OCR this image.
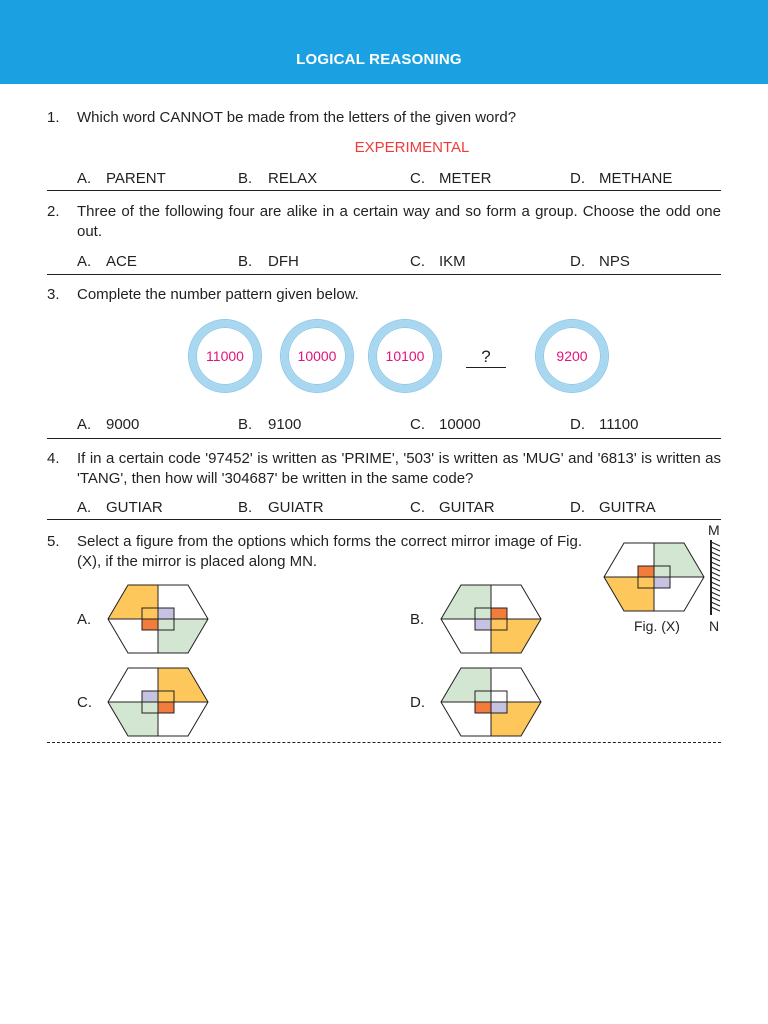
LOGICAL REASONING
1. Which word CANNOT be made from the letters of the given word?
EXPERIMENTAL
A. PARENT	B. RELAX	C. METER	D. METHANE
2. Three of the following four are alike in a certain way and so form a group. Choose the odd one out.
A. ACE	B. DFH	C. IKM	D. NPS
3. Complete the number pattern given below.
11000	10000	10100	?	9200
A. 9000	B. 9100	C. 10000	D. 11100
4. If in a certain code '97452' is written as 'PRIME', '503' is written as 'MUG' and '6813' is written as 'TANG', then how will '304687' be written in the same code?
A. GUTIAR	B. GUIATR	C. GUITAR	D. GUITRA
5. Select a figure from the options which forms the correct mirror image of Fig. (X), if the mirror is placed along MN.
Fig. (X)
M
N
A.	B.
C.	D.
